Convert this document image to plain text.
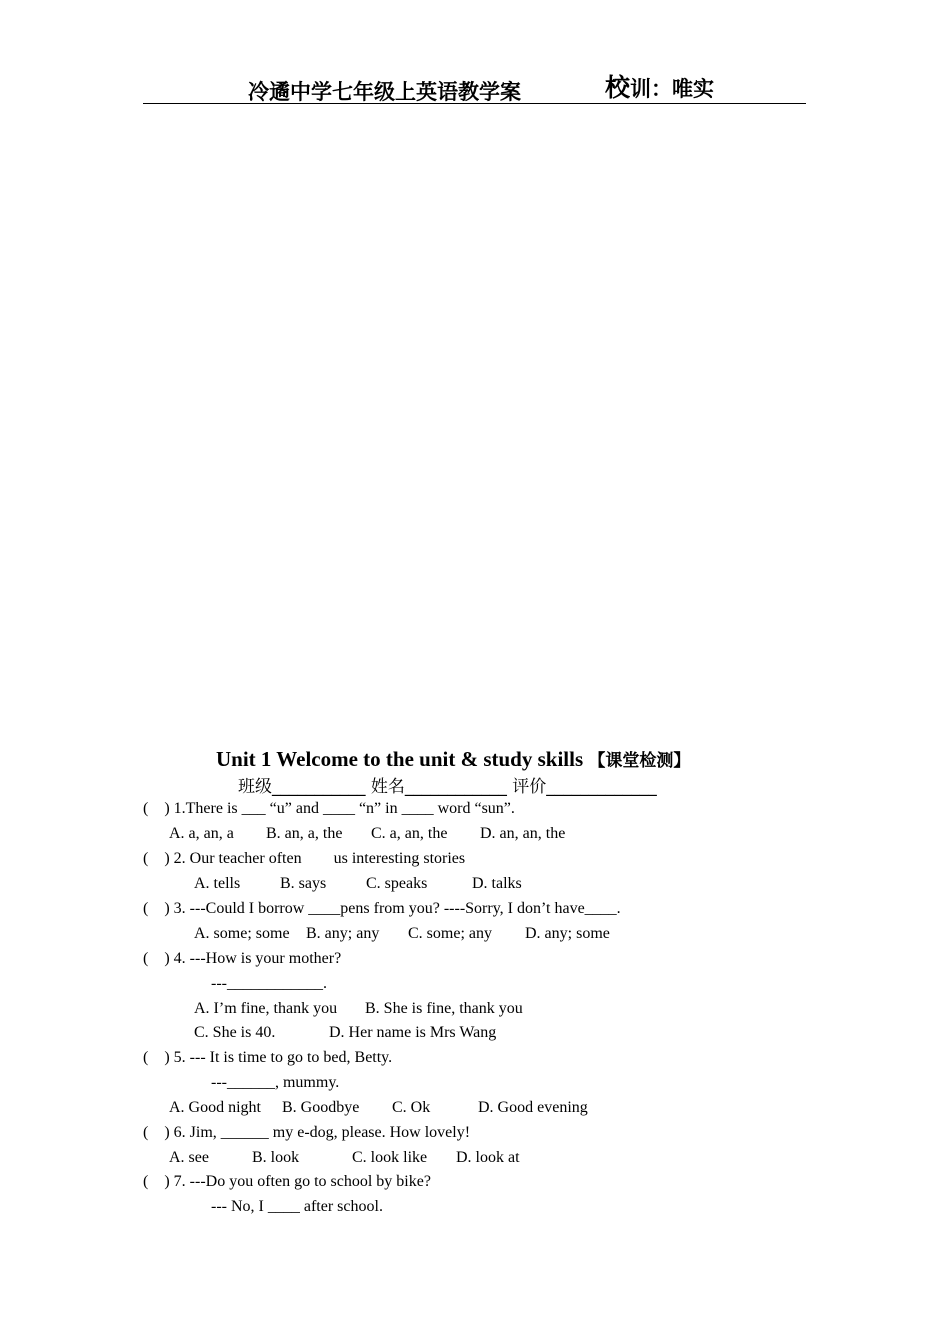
冷遹中学七年级上英语教学案	校训：唯实
Unit 1 Welcome to the unit & study skills 【课堂检测】
班级___________ 姓名____________ 评价_____________
(    ) 1.There is ___ “u” and ____ “n” in ____ word “sun”.
A. a, an, a B. an, a, the C. a, an, the D. an, an, the
(    ) 2. Our teacher often        us interesting stories
A. tells B. says C. speaks	D. talks
(    ) 3. ---Could I borrow ____pens from you? ----Sorry, I don’t have____.
A. some; some B. any; any C. some; any D. any; some
(    ) 4. ---How is your mother?
---____________.
A. I’m fine, thank you B. She is fine, thank you
C. She is 40.	D. Her name is Mrs Wang
(    ) 5. --- It is time to go to bed, Betty.
---______, mummy.
A. Good night B. Goodbye C. Ok	D. Good evening
(    ) 6. Jim, ______ my e-dog, please. How lovely!
A. see	B. look	C. look like D. look at
(    ) 7. ---Do you often go to school by bike?
--- No, I ____ after school.
